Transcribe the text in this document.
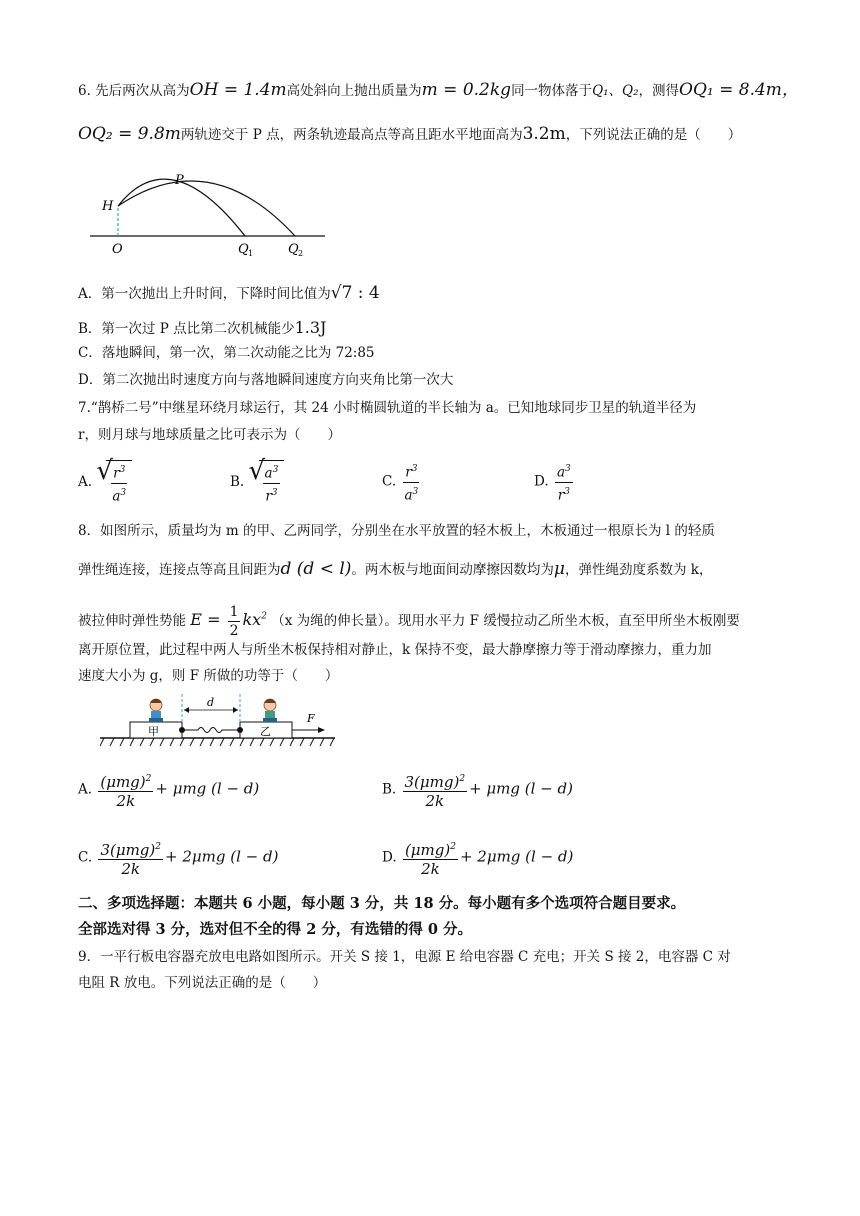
6. 先后两次从高为OH = 1.4m高处斜向上抛出质量为m = 0.2kg同一物体落于Q₁、Q₂，测得OQ₁ = 8.4m，
OQ₂ = 9.8m两轨迹交于 P 点，两条轨迹最高点等高且距水平地面高为3.2m，下列说法正确的是（　　）
H
P
O	Q 1	Q 2
A．第一次抛出上升时间，下降时间比值为√7 : 4
B．第一次过 P 点比第二次机械能少1.3J
C．落地瞬间，第一次，第二次动能之比为 72:85
D．第二次抛出时速度方向与落地瞬间速度方向夹角比第一次大
7.“鹊桥二号”中继星环绕月球运行，其 24 小时椭圆轨道的半长轴为 a。已知地球同步卫星的轨道半径为
r，则月球与地球质量之比可表示为（　　）
A. √
$\frac{r^3}{a^3}$	B. √
$\frac{a^3}{r^3}$	C. $\frac{r^3}{a^3}$	D. $\frac{a^3}{r^3}$
8．如图所示，质量均为 m 的甲、乙两同学，分别坐在水平放置的轻木板上，木板通过一根原长为 l 的轻质
弹性绳连接，连接点等高且间距为d (d < l)。两木板与地面间动摩擦因数均为μ，弹性绳劲度系数为 k，
被拉伸时弹性势能 $E = \frac{1}{2} kx^2$ （x 为绳的伸长量）。现用水平力 F 缓慢拉动乙所坐木板，直至甲所坐木板刚要
离开原位置，此过程中两人与所坐木板保持相对静止，k 保持不变，最大静摩擦力等于滑动摩擦力，重力加
速度大小为 g，则 F 所做的功等于（　　）
甲	乙
d
F
A. $\frac{(\mu mg)^2}{2k} + \mu mg$ (l − d)	B. $\frac{3(\mu mg)^2}{2k} + \mu mg$ (l − d)
C. $\frac{3(\mu mg)^2}{2k} + 2\mu mg$ (l − d)	D. $\frac{(\mu mg)^2}{2k} + 2\mu mg$ (l − d)
二、多项选择题：本题共 6 小题，每小题 3 分，共 18 分。每小题有多个选项符合题目要求。
全部选对得 3 分，选对但不全的得 2 分，有选错的得 0 分。
9．一平行板电容器充放电电路如图所示。开关 S 接 1，电源 E 给电容器 C 充电；开关 S 接 2，电容器 C 对
电阻 R 放电。下列说法正确的是（　　）
